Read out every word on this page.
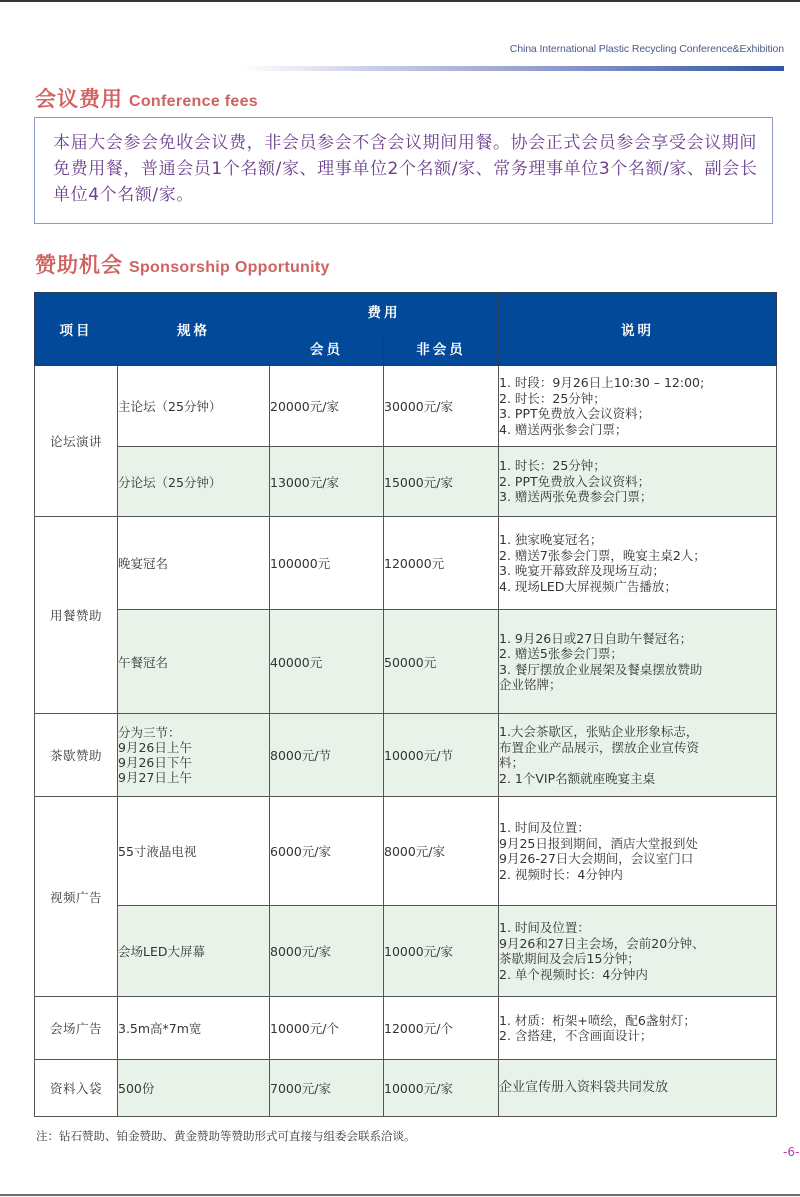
China International Plastic Recycling Conference&Exhibition
会议费用 Conference fees

本届大会参会免收会议费，非会员参会不含会议期间用餐。协会正式会员参会享受会议期间免费用餐，普通会员1个名额/家、理事单位2个名额/家、常务理事单位3个名额/家、副会长单位4个名额/家。

赞助机会 Sponsorship Opportunity
项目	规格	费用		说明
		会员	非会员	
论坛演讲	主论坛（25分钟）	20000元/家	30000元/家	1. 时段：9月26日上10:30 – 12:00;
2. 时长：25分钟；
3. PPT免费放入会议资料；
4. 赠送两张参会门票；
	分论坛（25分钟）	13000元/家	15000元/家	1. 时长：25分钟；
2. PPT免费放入会议资料；
3. 赠送两张免费参会门票；
用餐赞助	晚宴冠名	100000元	120000元	1. 独家晚宴冠名；
2. 赠送7张参会门票，晚宴主桌2人；
3. 晚宴开幕致辞及现场互动；
4. 现场LED大屏视频广告播放；
	午餐冠名	40000元	50000元	1. 9月26日或27日自助午餐冠名；
2. 赠送5张参会门票；
3. 餐厅摆放企业展架及餐桌摆放赞助
企业铭牌；
茶歇赞助	分为三节：
9月26日上午
9月26日下午
9月27日上午	8000元/节	10000元/节	1.大会茶歇区，张贴企业形象标志，
布置企业产品展示，摆放企业宣传资
料；
2. 1个VIP名额就座晚宴主桌
视频广告	55寸液晶电视	6000元/家	8000元/家	1. 时间及位置：
9月25日报到期间，酒店大堂报到处
9月26-27日大会期间，会议室门口
2. 视频时长：4分钟内
	会场LED大屏幕	8000元/家	10000元/家	1. 时间及位置：
9月26和27日主会场，会前20分钟、
茶歇期间及会后15分钟；
2. 单个视频时长：4分钟内
会场广告	3.5m高*7m宽	10000元/个	12000元/个	1. 材质：桁架+喷绘，配6盏射灯；
2. 含搭建，不含画面设计；
资料入袋	500份	7000元/家	10000元/家	企业宣传册入资料袋共同发放
注：钻石赞助、铂金赞助、黄金赞助等赞助形式可直接与组委会联系洽谈。
-6-
